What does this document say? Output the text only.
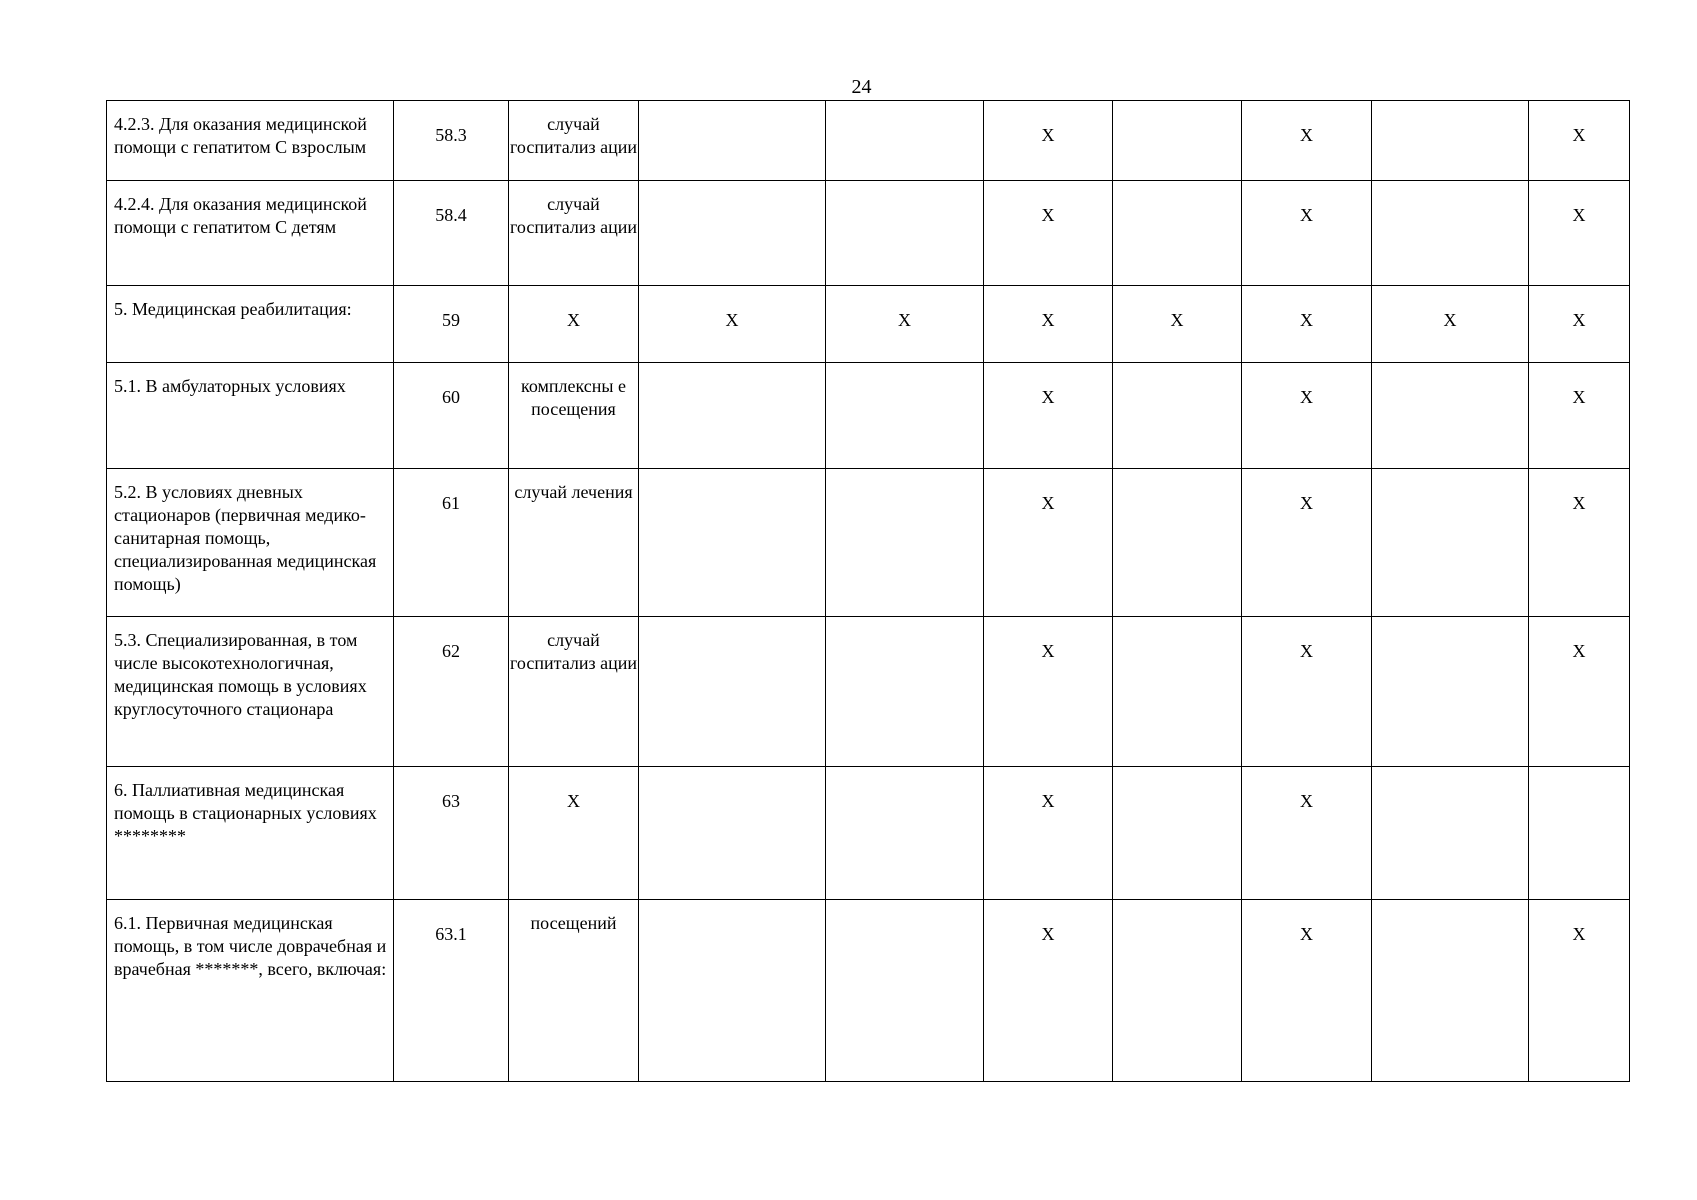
24
4.2.3. Для оказания медицинской помощи с гепатитом С взрослым	58.3	случай госпитализ ации			X		X		X
4.2.4. Для оказания медицинской помощи с гепатитом С детям	58.4	случай госпитализ ации			X		X		X
5. Медицинская реабилитация:	59	X	X	X	X	X	X	X	X
5.1. В амбулаторных условиях	60	комплексны е посещения			X		X		X
5.2. В условиях дневных стационаров (первичная медико-санитарная помощь, специализированная медицинская помощь)	61	случай лечения			X		X		X
5.3. Специализированная, в том числе высокотехнологичная, медицинская помощь в условиях круглосуточного стационара	62	случай госпитализ ации			X		X		X
6. Паллиативная медицинская помощь в стационарных условиях ********	63	X			X		X		
6.1. Первичная медицинская помощь, в том числе доврачебная и врачебная *******, всего, включая:	63.1	посещений			X		X		X
